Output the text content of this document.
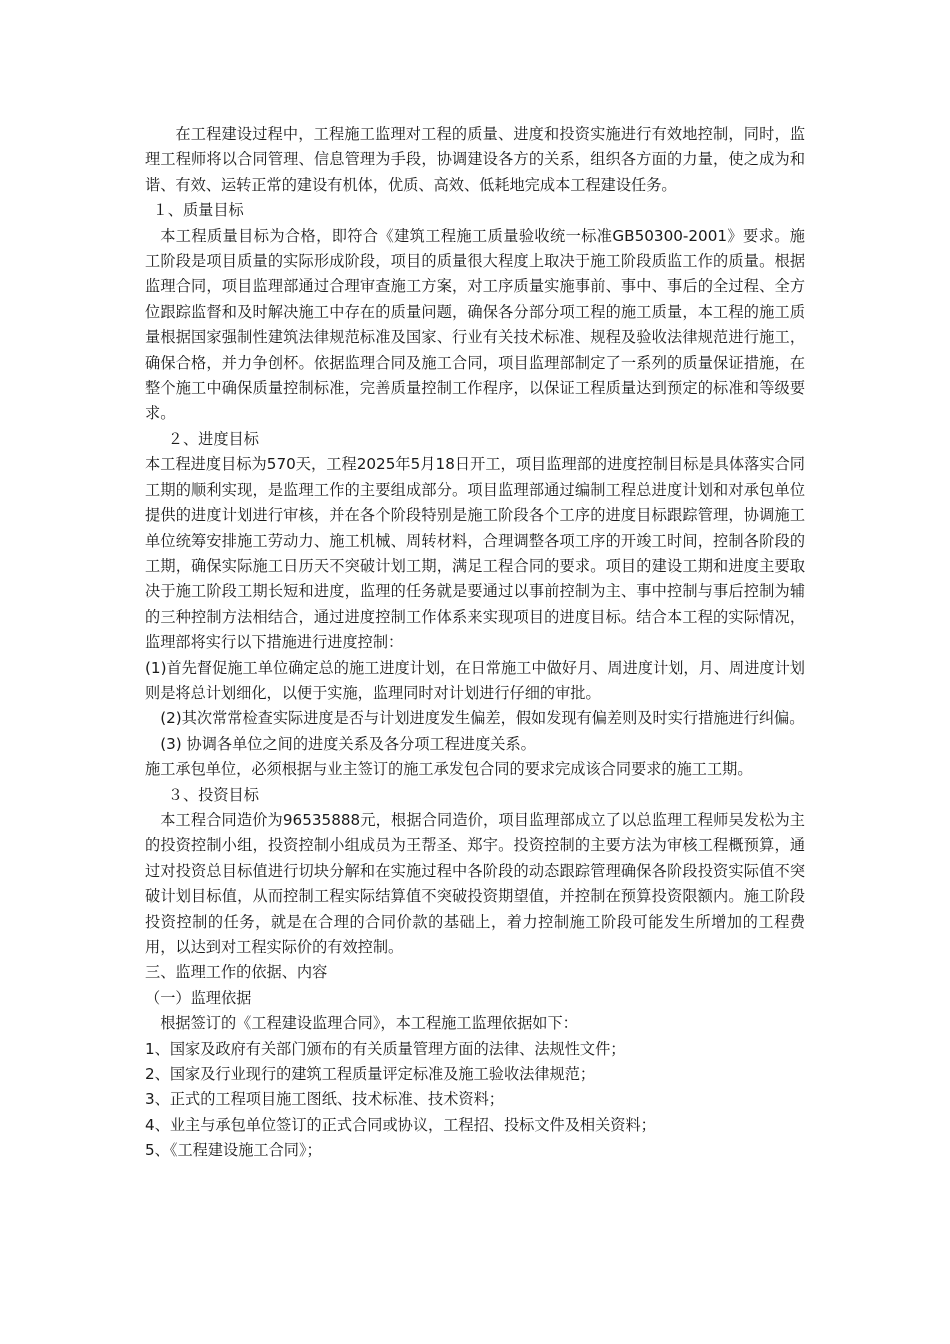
在工程建设过程中，工程施工监理对工程的质量、进度和投资实施进行有效地控制，同时，监理工程师将以合同管理、信息管理为手段，协调建设各方的关系，组织各方面的力量，使之成为和谐、有效、运转正常的建设有机体，优质、高效、低耗地完成本工程建设任务。

１、质量目标

本工程质量目标为合格，即符合《建筑工程施工质量验收统一标准GB50300-2001》要求。施工阶段是项目质量的实际形成阶段，项目的质量很大程度上取决于施工阶段质监工作的质量。根据监理合同，项目监理部通过合理审查施工方案，对工序质量实施事前、事中、事后的全过程、全方位跟踪监督和及时解决施工中存在的质量问题，确保各分部分项工程的施工质量，本工程的施工质量根据国家强制性建筑法律规范标准及国家、行业有关技术标准、规程及验收法律规范进行施工，确保合格，并力争创杯。依据监理合同及施工合同，项目监理部制定了一系列的质量保证措施，在整个施工中确保质量控制标准，完善质量控制工作程序，以保证工程质量达到预定的标准和等级要求。

２、进度目标

本工程进度目标为570天，工程2025年5月18日开工，项目监理部的进度控制目标是具体落实合同工期的顺利实现，是监理工作的主要组成部分。项目监理部通过编制工程总进度计划和对承包单位提供的进度计划进行审核，并在各个阶段特别是施工阶段各个工序的进度目标跟踪管理，协调施工单位统筹安排施工劳动力、施工机械、周转材料，合理调整各项工序的开竣工时间，控制各阶段的工期，确保实际施工日历天不突破计划工期，满足工程合同的要求。项目的建设工期和进度主要取决于施工阶段工期长短和进度，监理的任务就是要通过以事前控制为主、事中控制与事后控制为辅的三种控制方法相结合，通过进度控制工作体系来实现项目的进度目标。结合本工程的实际情况，监理部将实行以下措施进行进度控制：

(1)首先督促施工单位确定总的施工进度计划，在日常施工中做好月、周进度计划，月、周进度计划则是将总计划细化，以便于实施，监理同时对计划进行仔细的审批。

(2)其次常常检查实际进度是否与计划进度发生偏差，假如发现有偏差则及时实行措施进行纠偏。

(3) 协调各单位之间的进度关系及各分项工程进度关系。

施工承包单位，必须根据与业主签订的施工承发包合同的要求完成该合同要求的施工工期。

３、投资目标

本工程合同造价为96535888元，根据合同造价，项目监理部成立了以总监理工程师吴发松为主的投资控制小组，投资控制小组成员为王帮圣、郑宇。投资控制的主要方法为审核工程概预算，通过对投资总目标值进行切块分解和在实施过程中各阶段的动态跟踪管理确保各阶段投资实际值不突破计划目标值，从而控制工程实际结算值不突破投资期望值，并控制在预算投资限额内。施工阶段投资控制的任务，就是在合理的合同价款的基础上，着力控制施工阶段可能发生所增加的工程费用，以达到对工程实际价的有效控制。

三、监理工作的依据、内容

（一）监理依据

根据签订的《工程建设监理合同》，本工程施工监理依据如下：

1、国家及政府有关部门颁布的有关质量管理方面的法律、法规性文件；

2、国家及行业现行的建筑工程质量评定标准及施工验收法律规范；

3、正式的工程项目施工图纸、技术标准、技术资料；

4、业主与承包单位签订的正式合同或协议，工程招、投标文件及相关资料；

5、《工程建设施工合同》；
